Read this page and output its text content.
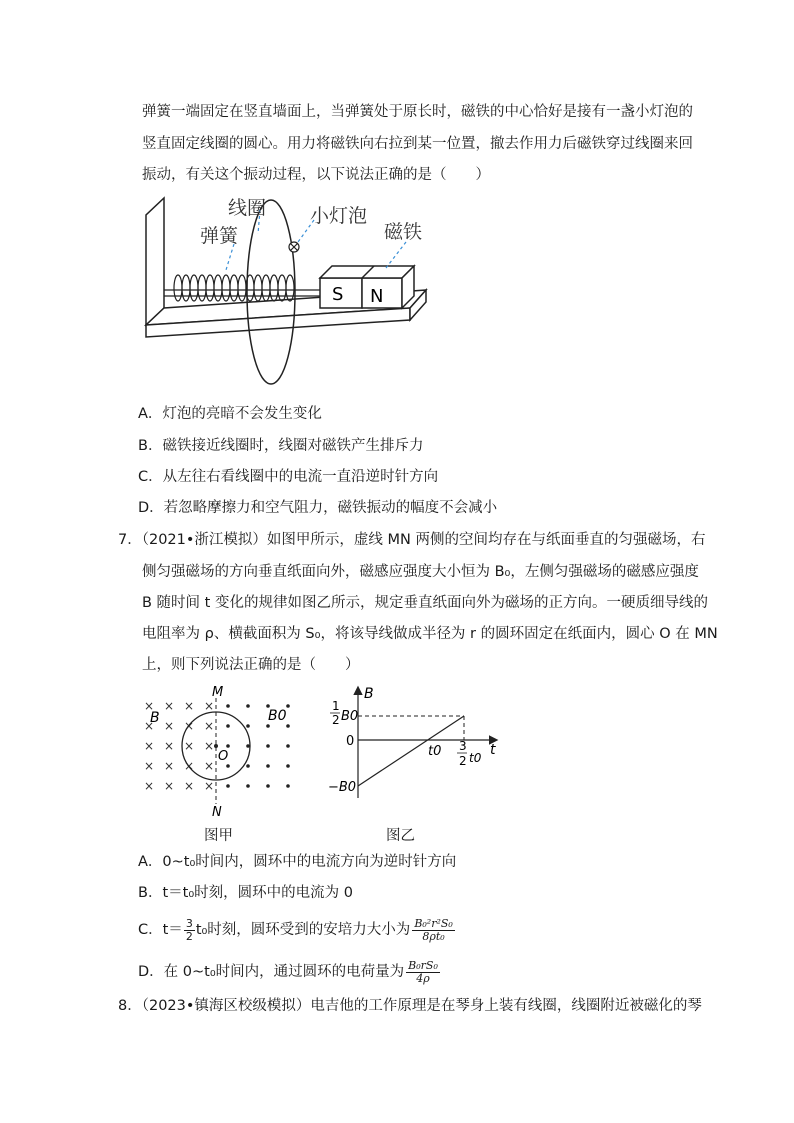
弹簧一端固定在竖直墙面上，当弹簧处于原长时，磁铁的中心恰好是接有一盏小灯泡的
竖直固定线圈的圆心。用力将磁铁向右拉到某一位置，撤去作用力后磁铁穿过线圈来回
振动，有关这个振动过程，以下说法正确的是（　　）
S N
线圈
弹簧
小灯泡
磁铁
A．灯泡的亮暗不会发生变化
B．磁铁接近线圈时，线圈对磁铁产生排斥力
C．从左往右看线圈中的电流一直沿逆时针方向
D．若忽略摩擦力和空气阻力，磁铁振动的幅度不会减小
7．（2021•浙江模拟）如图甲所示，虚线 MN 两侧的空间均存在与纸面垂直的匀强磁场，右
侧匀强磁场的方向垂直纸面向外，磁感应强度大小恒为 B₀，左侧匀强磁场的磁感应强度
B 随时间 t 变化的规律如图乙所示，规定垂直纸面向外为磁场的正方向。一硬质细导线的
电阻率为 ρ、横截面积为 S₀，将该导线做成半径为 r 的圆环固定在纸面内，圆心 O 在 MN
上，则下列说法正确的是（　　）
× × × ×
× × × ×
× × × ×
× × × ×
× × × ×
M
N
B	B0
O
图甲
B
t
1
2 B0
0
−B0
t0 3
2 t0
图乙
A．0~t₀时间内，圆环中的电流方向为逆时针方向
B．t＝t₀时刻，圆环中的电流为 0
C．$t= \frac{3}{2} t_0$时刻，圆环受到的安培力大小为 $\frac{\text{B₀²r²S₀}}{\text{8ρt₀}}$
D．在 0~t₀时间内，通过圆环的电荷量为 $\frac{\text{B₀rS₀}}{4\rho}$
8．（2023•镇海区校级模拟）电吉他的工作原理是在琴身上装有线圈，线圈附近被磁化的琴
